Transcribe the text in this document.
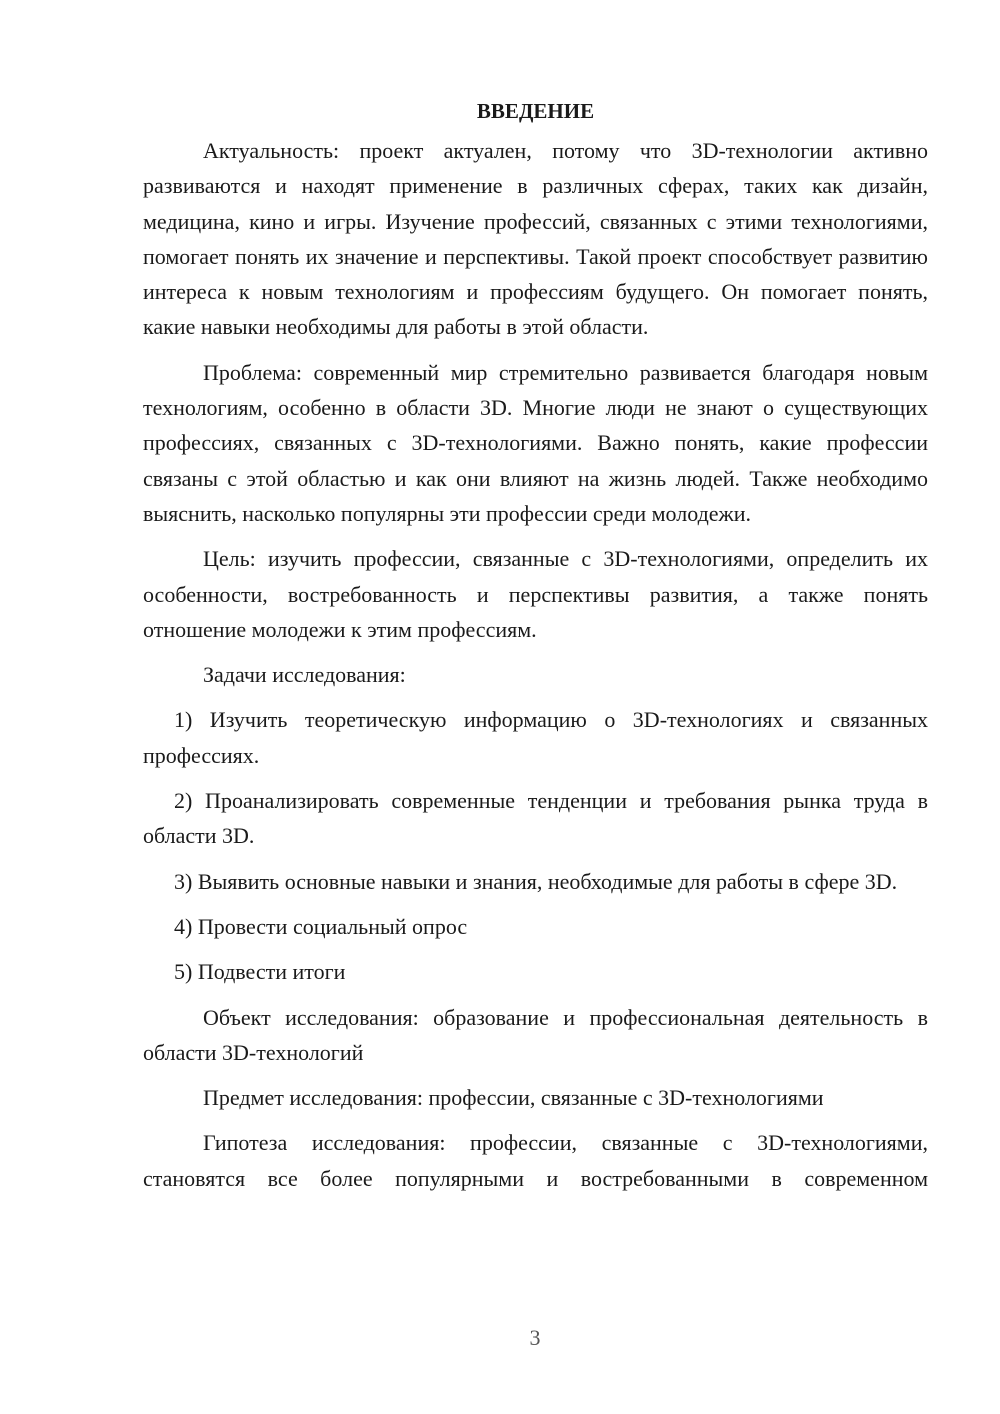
ВВЕДЕНИЕ

Актуальность: проект актуален, потому что 3D-технологии активно развиваются и находят применение в различных сферах, таких как дизайн, медицина, кино и игры. Изучение профессий, связанных с этими технологиями, помогает понять их значение и перспективы. Такой проект способствует развитию интереса к новым технологиям и профессиям будущего. Он помогает понять, какие навыки необходимы для работы в этой области.

Проблема: современный мир стремительно развивается благодаря новым технологиям, особенно в области 3D. Многие люди не знают о существующих профессиях, связанных с 3D-технологиями. Важно понять, какие профессии связаны с этой областью и как они влияют на жизнь людей. Также необходимо выяснить, насколько популярны эти профессии среди молодежи.

Цель: изучить профессии, связанные с 3D-технологиями, определить их особенности, востребованность и перспективы развития, а также понять отношение молодежи к этим профессиям.

Задачи исследования:

1) Изучить теоретическую информацию о 3D-технологиях и связанных профессиях.

2) Проанализировать современные тенденции и требования рынка труда в области 3D.

3) Выявить основные навыки и знания, необходимые для работы в сфере 3D.

4) Провести социальный опрос

5) Подвести итоги

Объект исследования: образование и профессиональная деятельность в области 3D-технологий

Предмет исследования: профессии, связанные с 3D-технологиями

Гипотеза исследования: профессии, связанные с 3D-технологиями, становятся все более популярными и востребованными в современном

3
